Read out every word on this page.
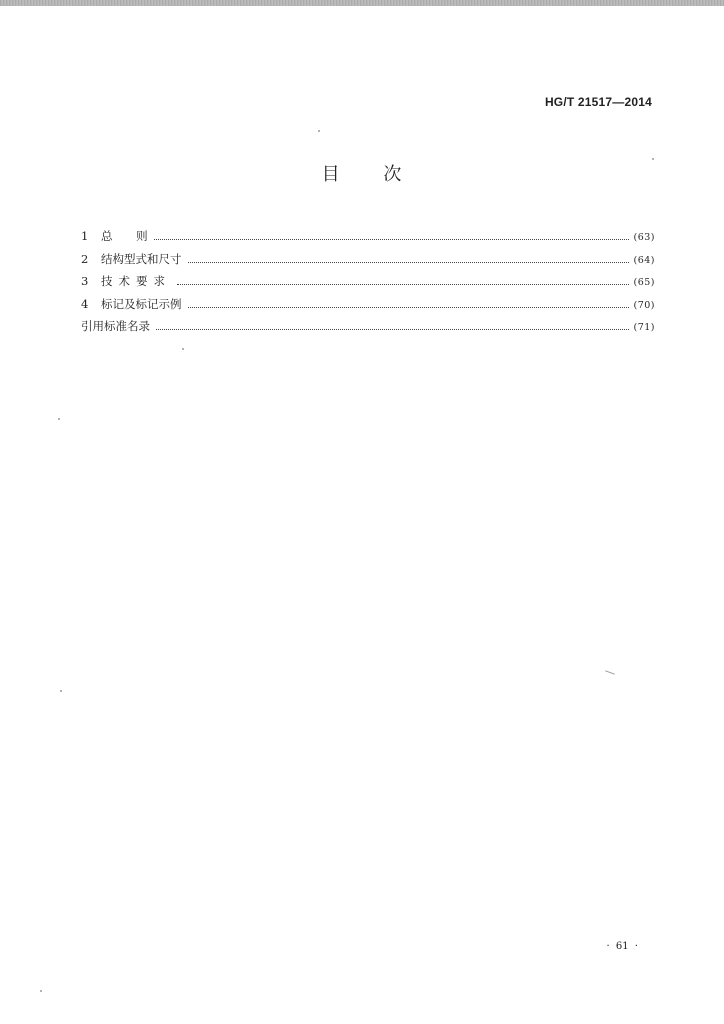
HG/T 21517—2014
目 次
1	总 则	(63)
2	结构型式和尺寸	(64)
3	技术要求	(65)
4	标记及标记示例	(70)
引用标准名录	(71)
· 61 ·
